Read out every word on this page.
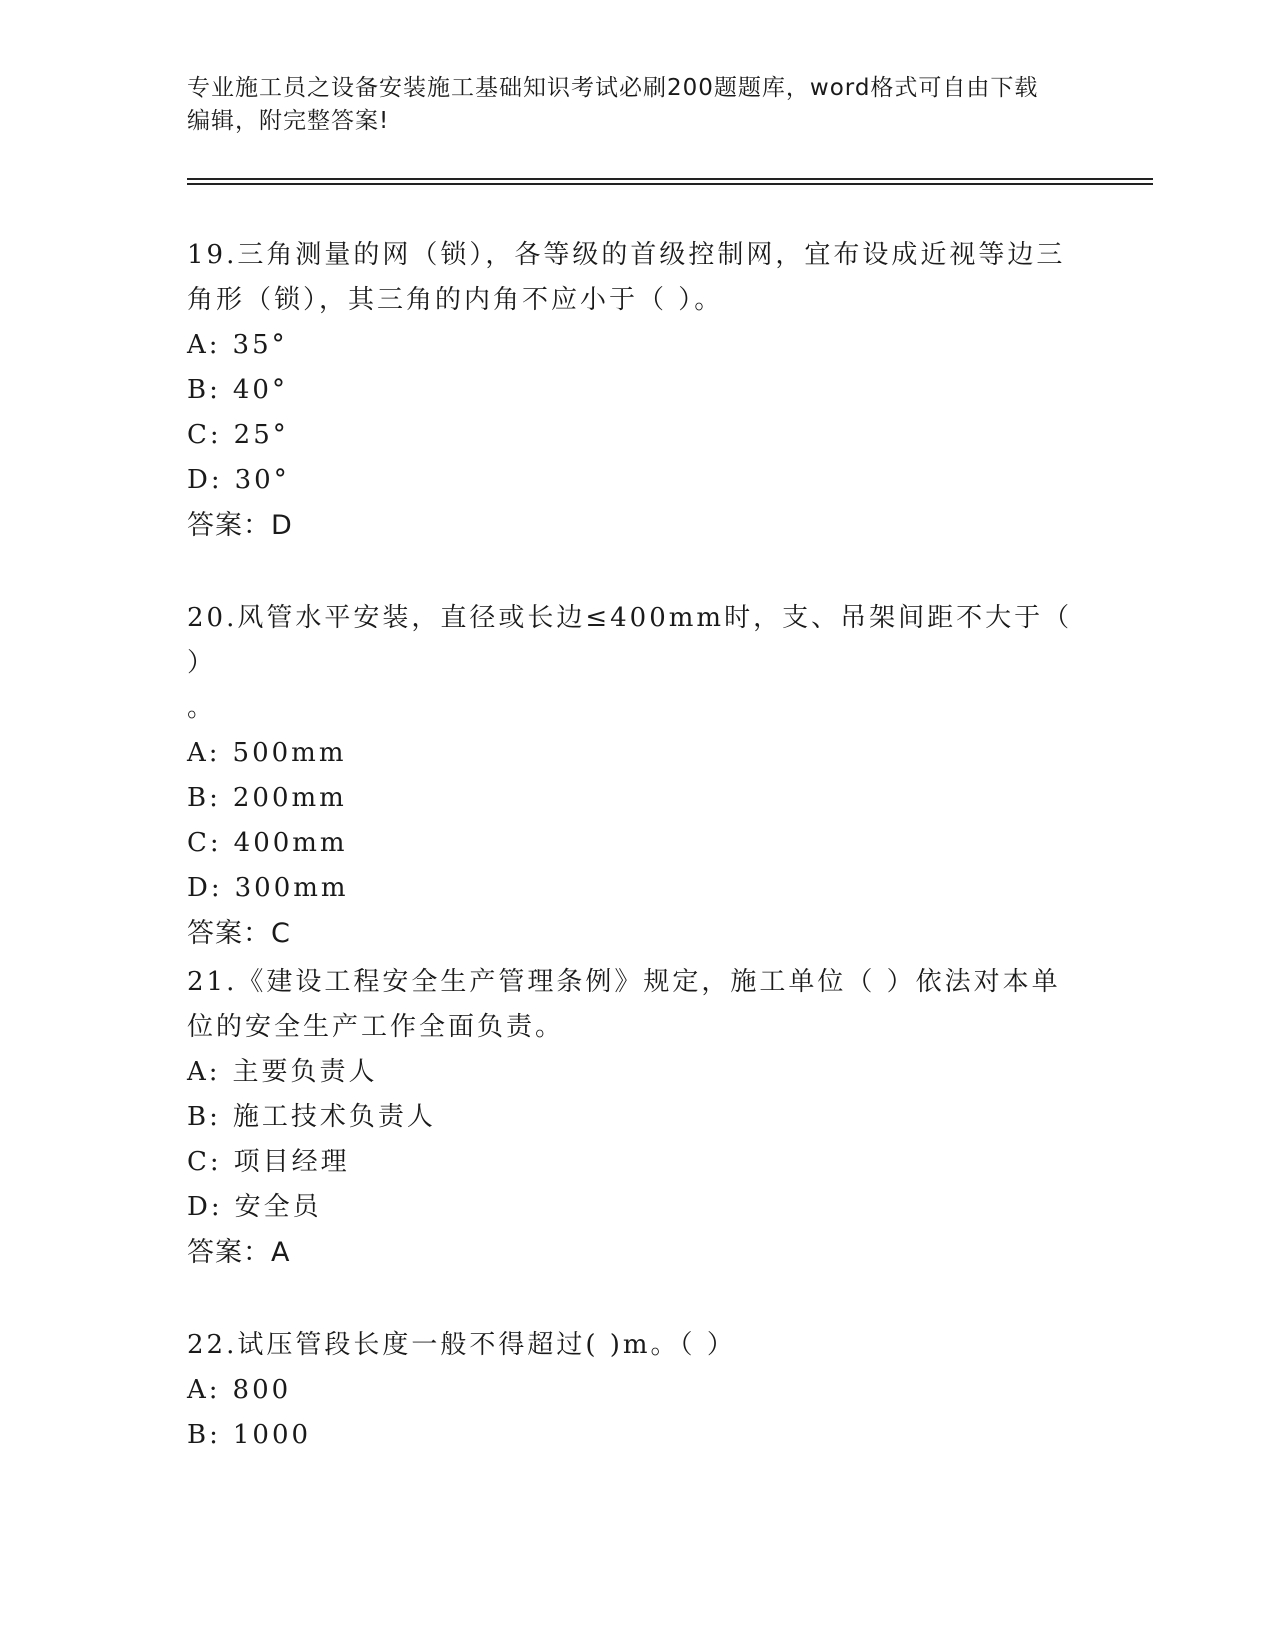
专业施工员之设备安装施工基础知识考试必刷200题题库，word格式可自由下载
编辑，附完整答案!

19.三角测量的网（锁），各等级的首级控制网，宜布设成近视等边三

角形（锁），其三角的内角不应小于（ ）。

A: 35°

B: 40°

C: 25°

D: 30°

答案：D

20.风管水平安装，直径或长边≤400mm时，支、吊架间距不大于（ ）

。

A: 500mm

B: 200mm

C: 400mm

D: 300mm

答案：C

21.《建设工程安全生产管理条例》规定，施工单位（ ）依法对本单

位的安全生产工作全面负责。

A: 主要负责人

B: 施工技术负责人

C: 项目经理

D: 安全员

答案：A

22.试压管段长度一般不得超过( )m。（ ）

A: 800

B: 1000
